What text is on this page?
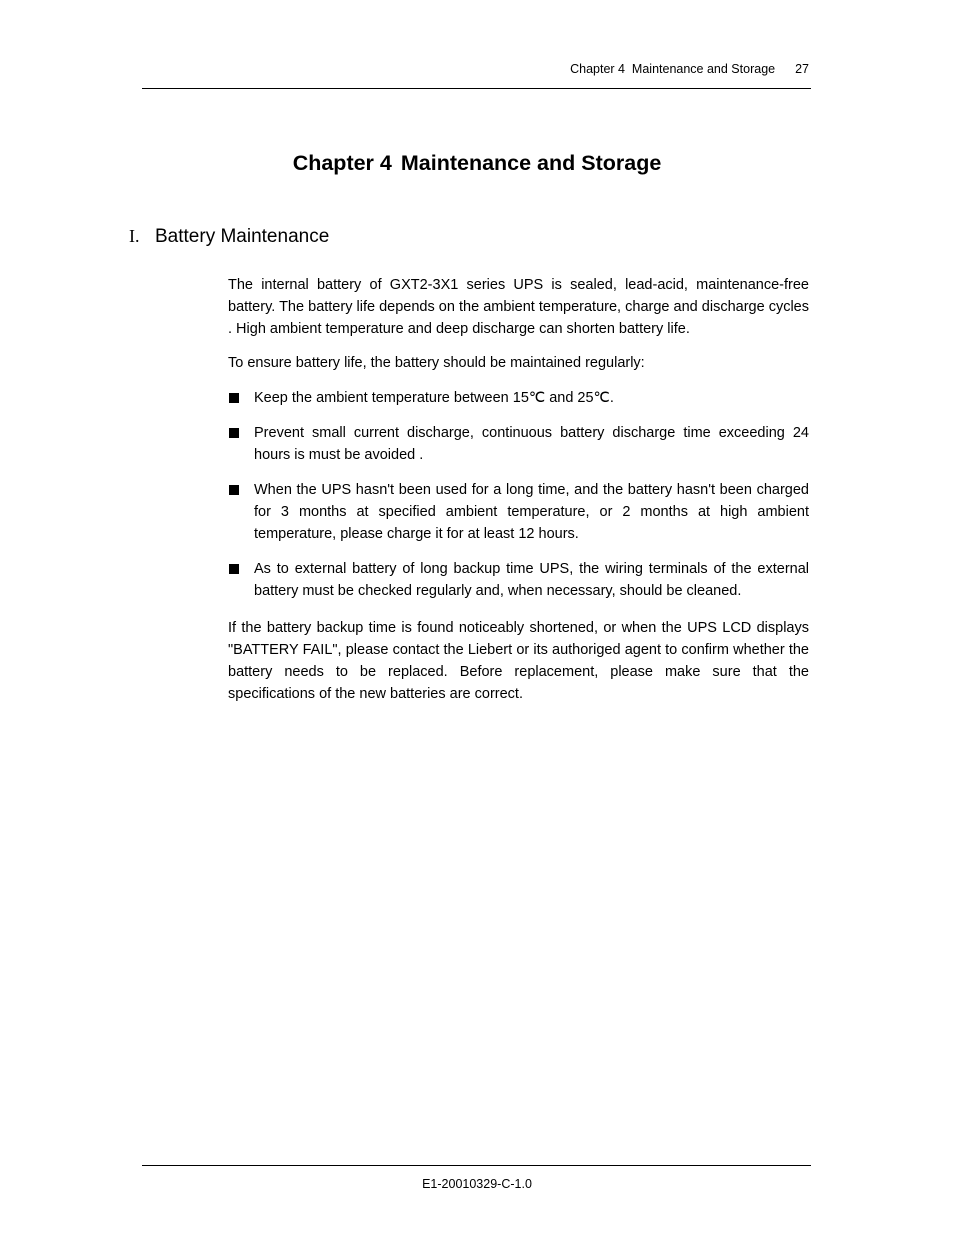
Chapter 4  Maintenance and Storage 27
Chapter 4 Maintenance and Storage
I. Battery Maintenance

The internal battery of GXT2-3X1 series UPS is sealed, lead-acid, maintenance-free battery. The battery life depends on the ambient temperature, charge and discharge cycles . High ambient temperature and deep discharge can shorten battery life.

To ensure battery life, the battery should be maintained regularly:

Keep the ambient temperature between 15℃ and 25℃.
Prevent small current discharge, continuous battery discharge time exceeding 24 hours is must be avoided .
When the UPS hasn't been used for a long time, and the battery hasn't been charged for 3 months at specified ambient temperature, or 2 months at high ambient temperature, please charge it for at least 12 hours.
As to external battery of long backup time UPS, the wiring terminals of the external battery must be checked regularly and, when necessary, should be cleaned.

If the battery backup time is found noticeably shortened, or when the UPS LCD displays "BATTERY FAIL", please contact the Liebert or its authoriged agent to confirm whether the battery needs to be replaced. Before replacement, please make sure that the specifications of the new batteries are correct.

E1-20010329-C-1.0
